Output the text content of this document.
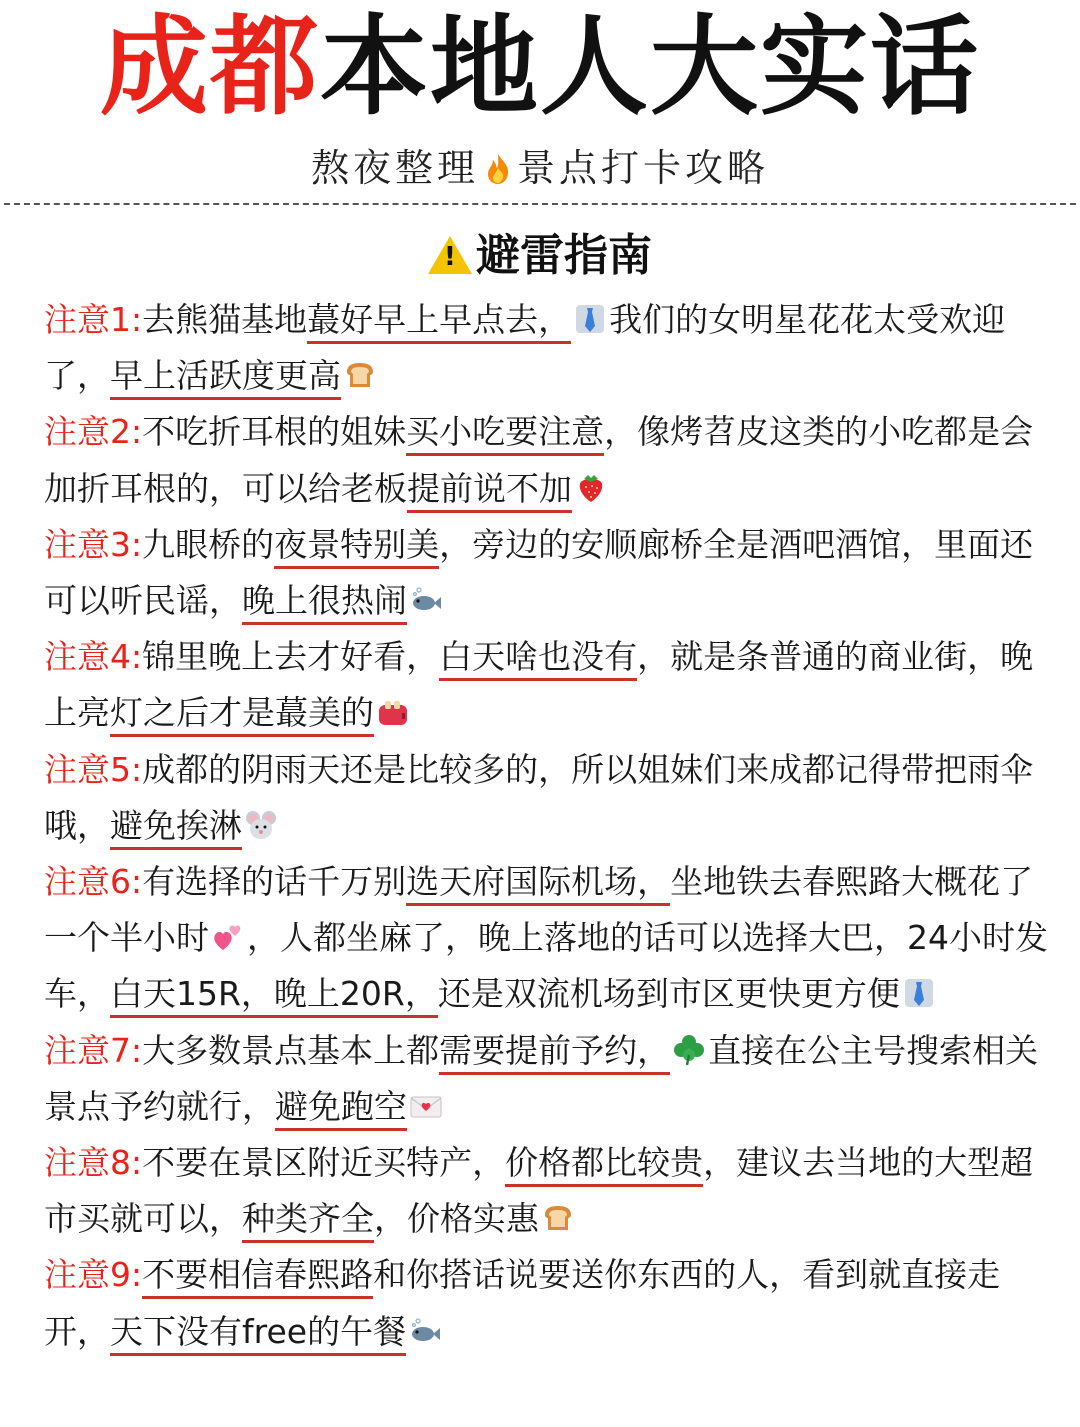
成都本地人大实话
熬夜整理 景点打卡攻略
!避雷指南
注意1:去熊猫基地蕞好早上早点去， 我们的女明星花花太受欢迎了，早上活跃度更高
注意2:不吃折耳根的姐妹买小吃要注意，像烤苕皮这类的小吃都是会加折耳根的，可以给老板提前说不加
注意3:九眼桥的夜景特别美，旁边的安顺廊桥全是酒吧酒馆，里面还可以听民谣，晚上很热闹
注意4:锦里晚上去才好看，白天啥也没有，就是条普通的商业街，晚上亮灯之后才是蕞美的
注意5:成都的阴雨天还是比较多的，所以姐妹们来成都记得带把雨伞哦，避免挨淋
注意6:有选择的话千万别选天府国际机场，坐地铁去春熙路大概花了一个半小时 ，人都坐麻了，晚上落地的话可以选择大巴，24小时发车，白天15R，晚上20R，还是双流机场到市区更快更方便
注意7:大多数景点基本上都需要提前予约， 直接在公主号搜索相关景点予约就行，避免跑空
注意8:不要在景区附近买特产，价格都比较贵，建议去当地的大型超市买就可以，种类齐全，价格实惠
注意9:不要相信春熙路和你搭话说要送你东西的人，看到就直接走开，天下没有free的午餐
